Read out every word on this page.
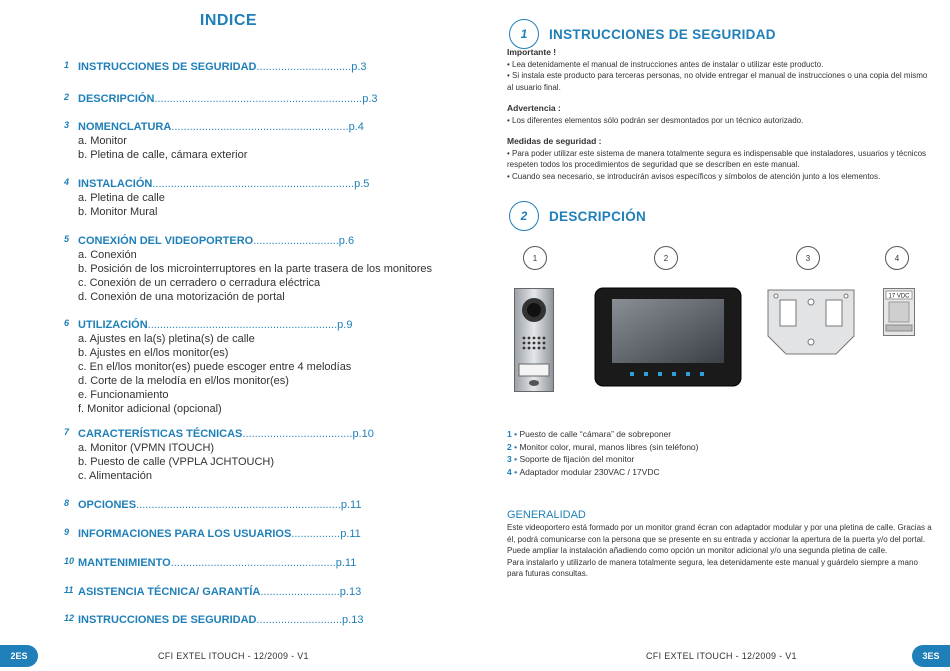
INDICE
1 INSTRUCCIONES DE SEGURIDAD...............................p.3
2 DESCRIPCIÓN....................................................................p.3
3 NOMENCLATURA..........................................................p.4
a. Monitor
b. Pletina de calle, cámara exterior
4 INSTALACIÓN..................................................................p.5
a. Pletina de calle
b. Monitor Mural
5 CONEXIÓN DEL VIDEOPORTERO............................p.6
a. Conexión
b. Posición de los microinterruptores en la parte trasera de los monitores
c. Conexión de un cerradero o cerradura eléctrica
d. Conexión de una motorización de portal
6 UTILIZACIÓN..............................................................p.9
a. Ajustes en la(s) pletina(s) de calle
b. Ajustes en el/los monitor(es)
c. En el/los monitor(es) puede escoger entre 4 melodías
d. Corte de la melodía en el/los monitor(es)
e. Funcionamiento
f. Monitor adicional (opcional)
7 CARACTERÍSTICAS TÉCNICAS....................................p.10
a. Monitor (VPMN ITOUCH)
b. Puesto de calle (VPPLA JCHTOUCH)
c. Alimentación
8 OPCIONES...................................................................p.11
9 INFORMACIONES PARA LOS USUARIOS................p.11
10 MANTENIMIENTO......................................................p.11
11 ASISTENCIA TÉCNICA/ GARANTÍA..........................p.13
12 INSTRUCCIONES DE SEGURIDAD............................p.13
2ES	CFI EXTEL ITOUCH - 12/2009 - V1
1	INSTRUCCIONES DE SEGURIDAD
Importante !
• Lea detenidamente el manual de instrucciones antes de instalar o utilizar este producto.
• Si instala este producto para terceras personas, no olvide entregar el manual de instrucciones o una copia del mismo al usuario final.
Advertencia :
• Los diferentes elementos sólo podrán ser desmontados por un técnico autorizado.
Medidas de seguridad :
• Para poder utilizar este sistema de manera totalmente segura es indispensable que instaladores, usuarios y técnicos respeten todos los procedimientos de seguridad que se describen en este manual.
• Cuando sea necesario, se introducirán avisos específicos y símbolos de atención junto a los elementos.
2	DESCRIPCIÓN
1	2	3	4
17 VDC
1 • Puesto de calle “cámara” de sobreponer
2 • Monitor color, mural, manos libres (sin teléfono)
3 • Soporte de fijación del monitor
4 • Adaptador modular 230VAC / 17VDC
GENERALIDAD
Este videoportero está formado por un monitor grand écran con adaptador modular y por una pletina de calle. Gracias a él, podrá comunicarse con la persona que se presente en su entrada y accionar la apertura de la puerta y/o del portal.
Puede ampliar la instalación añadiendo como opción un monitor adicional y/o una segunda pletina de calle.
Para instalarlo y utilizarlo de manera totalmente segura, lea detenidamente este manual y guárdelo siempre a mano para futuras consultas.
3ES
CFI EXTEL ITOUCH - 12/2009 - V1
